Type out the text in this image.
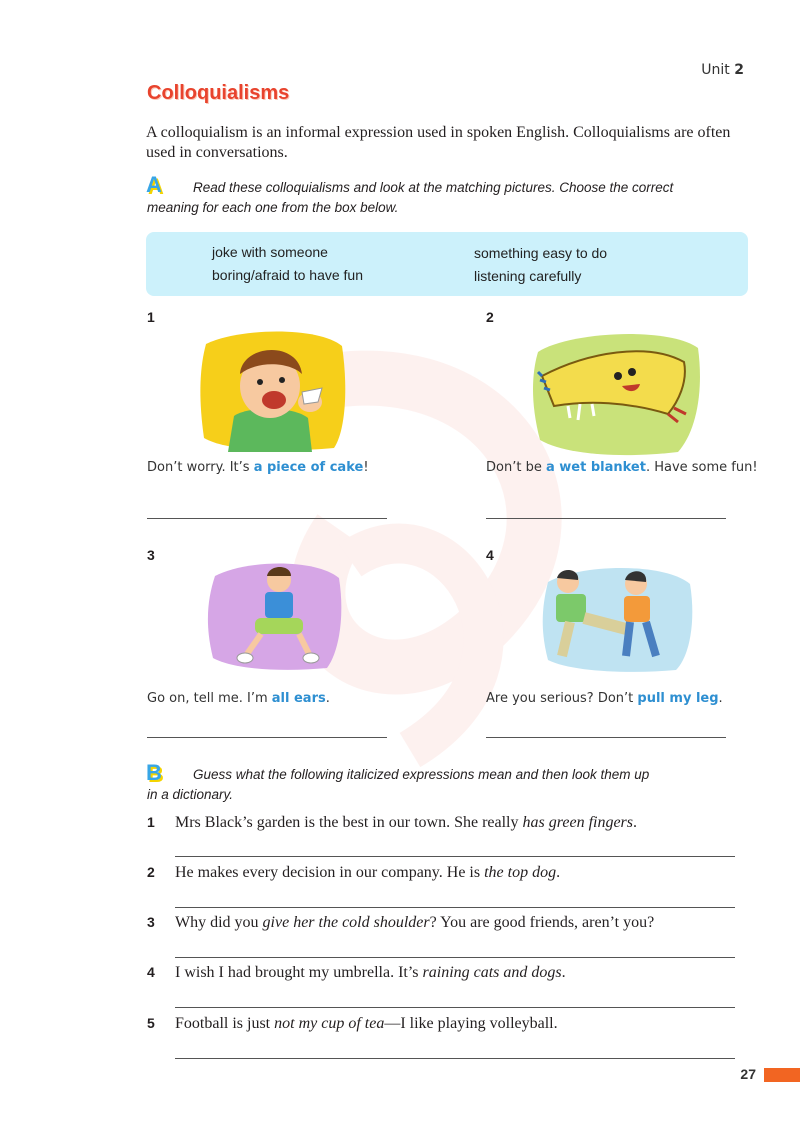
Unit 2
Colloquialisms
A colloquialism is an informal expression used in spoken English. Colloquialisms are often used in conversations.
A	Read these colloquialisms and look at the matching pictures. Choose the correct
meaning for each one from the box below.
joke with someone
boring/afraid to have fun
something easy to do
listening carefully
1
Don’t worry. It’s a piece of cake!
2
Don’t be a wet blanket. Have some fun!
3
Go on, tell me. I’m all ears.
4
Are you serious? Don’t pull my leg.
B	Guess what the following italicized expressions mean and then look them up
in a dictionary.
1 Mrs Black’s garden is the best in our town. She really has green fingers.
2 He makes every decision in our company. He is the top dog.
3 Why did you give her the cold shoulder? You are good friends, aren’t you?
4 I wish I had brought my umbrella. It’s raining cats and dogs.
5 Football is just not my cup of tea—I like playing volleyball.
27
